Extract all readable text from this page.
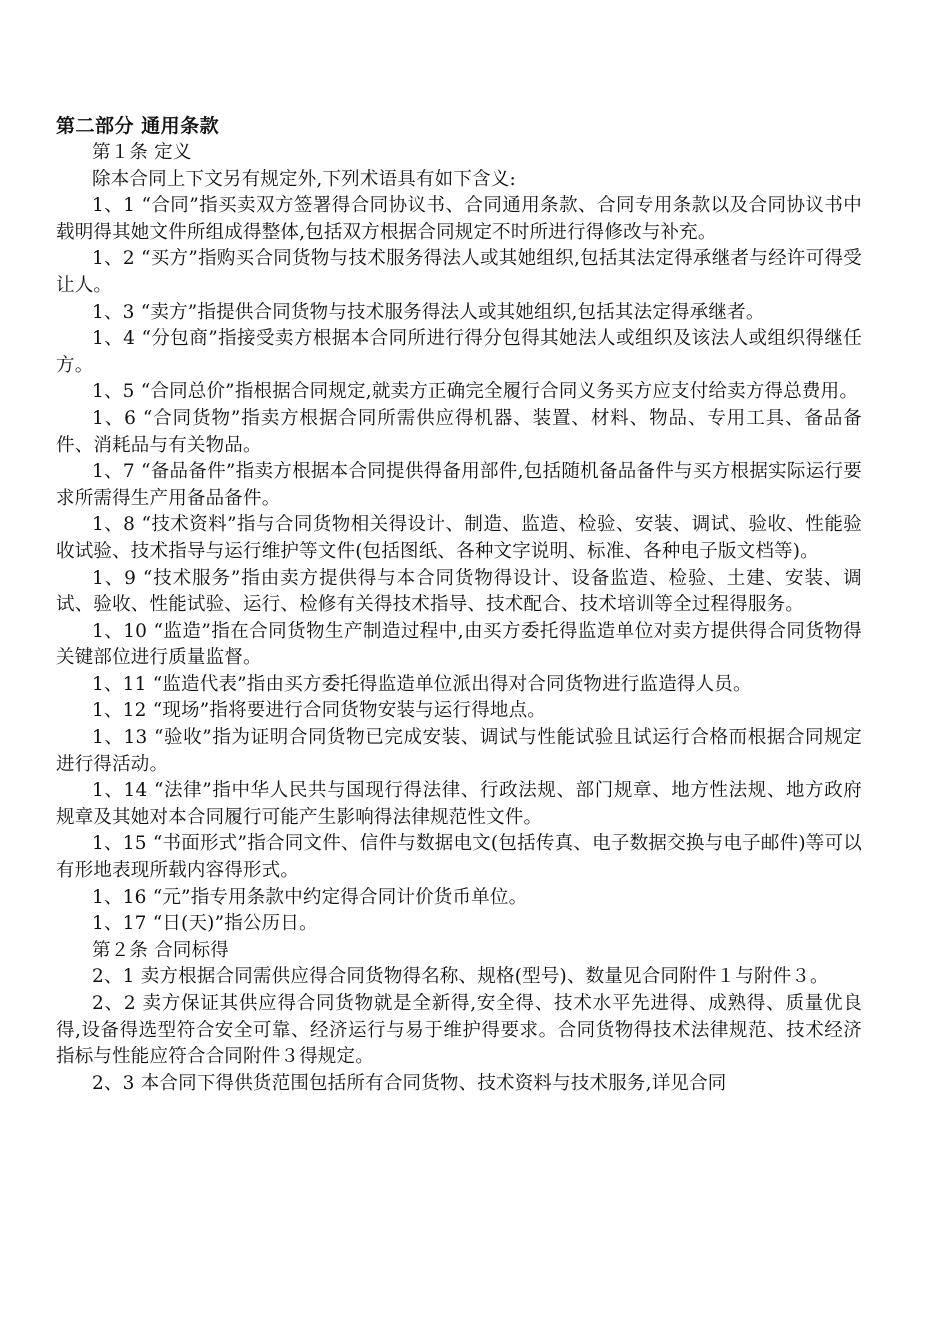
第二部分 通用条款

第１条 定义

除本合同上下文另有规定外,下列术语具有如下含义:

1、1 “合同”指买卖双方签署得合同协议书、合同通用条款、合同专用条款以及合同协议书中载明得其她文件所组成得整体,包括双方根据合同规定不时所进行得修改与补充。

1、2 “买方”指购买合同货物与技术服务得法人或其她组织,包括其法定得承继者与经许可得受让人。

1、3 “卖方”指提供合同货物与技术服务得法人或其她组织,包括其法定得承继者。

1、4 “分包商”指接受卖方根据本合同所进行得分包得其她法人或组织及该法人或组织得继任方。

1、5 “合同总价”指根据合同规定,就卖方正确完全履行合同义务买方应支付给卖方得总费用。

1、6 “合同货物”指卖方根据合同所需供应得机器、装置、材料、物品、专用工具、备品备件、消耗品与有关物品。

1、7 “备品备件”指卖方根据本合同提供得备用部件,包括随机备品备件与买方根据实际运行要求所需得生产用备品备件。

1、8 “技术资料”指与合同货物相关得设计、制造、监造、检验、安装、调试、验收、性能验收试验、技术指导与运行维护等文件(包括图纸、各种文字说明、标准、各种电子版文档等)。

1、9 “技术服务”指由卖方提供得与本合同货物得设计、设备监造、检验、土建、安装、调试、验收、性能试验、运行、检修有关得技术指导、技术配合、技术培训等全过程得服务。

1、10 “监造”指在合同货物生产制造过程中,由买方委托得监造单位对卖方提供得合同货物得关键部位进行质量监督。

1、11 “监造代表”指由买方委托得监造单位派出得对合同货物进行监造得人员。

1、12 “现场”指将要进行合同货物安装与运行得地点。

1、13 “验收”指为证明合同货物已完成安装、调试与性能试验且试运行合格而根据合同规定进行得活动。

1、14 “法律”指中华人民共与国现行得法律、行政法规、部门规章、地方性法规、地方政府规章及其她对本合同履行可能产生影响得法律规范性文件。

1、15 “书面形式”指合同文件、信件与数据电文(包括传真、电子数据交换与电子邮件)等可以有形地表现所载内容得形式。

1、16 “元”指专用条款中约定得合同计价货币单位。

1、17 “日(天)”指公历日。

第２条 合同标得

2、1 卖方根据合同需供应得合同货物得名称、规格(型号)、数量见合同附件１与附件３。

2、2 卖方保证其供应得合同货物就是全新得,安全得、技术水平先进得、成熟得、质量优良得,设备得选型符合安全可靠、经济运行与易于维护得要求。合同货物得技术法律规范、技术经济指标与性能应符合合同附件３得规定。

2、3 本合同下得供货范围包括所有合同货物、技术资料与技术服务,详见合同
